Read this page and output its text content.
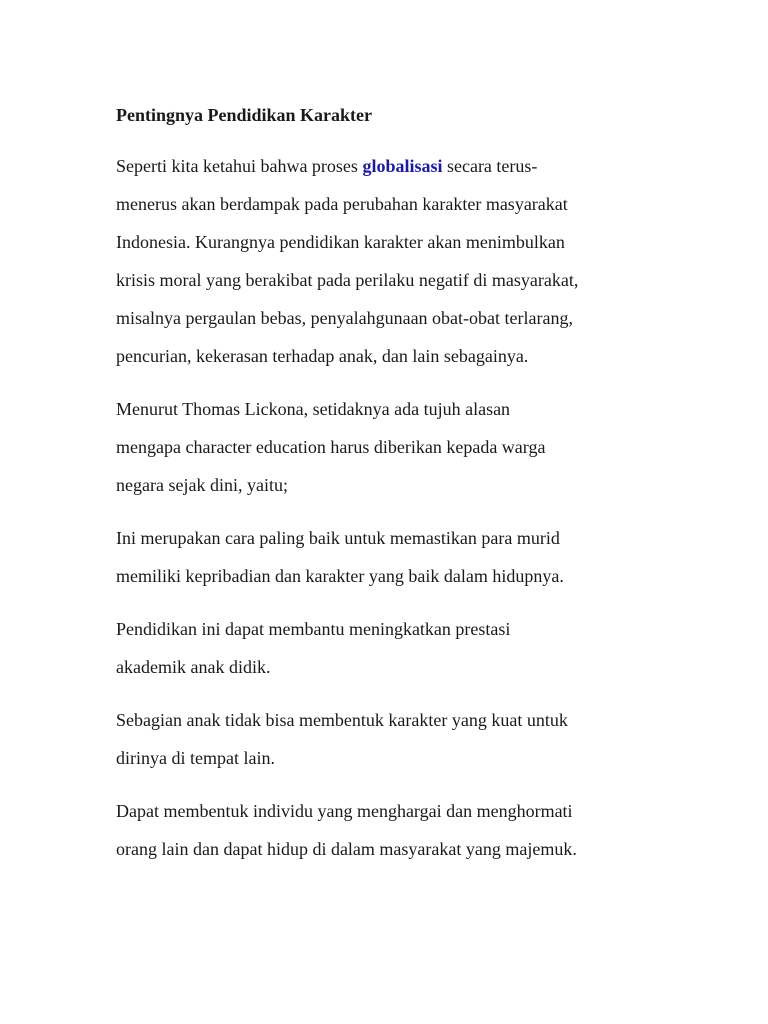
Pentingnya Pendidikan Karakter
Seperti kita ketahui bahwa proses globalisasi secara terus-
menerus akan berdampak pada perubahan karakter masyarakat
Indonesia. Kurangnya pendidikan karakter akan menimbulkan
krisis moral yang berakibat pada perilaku negatif di masyarakat,
misalnya pergaulan bebas, penyalahgunaan obat-obat terlarang,
pencurian, kekerasan terhadap anak, dan lain sebagainya.
Menurut Thomas Lickona, setidaknya ada tujuh alasan
mengapa character education harus diberikan kepada warga
negara sejak dini, yaitu;
Ini merupakan cara paling baik untuk memastikan para murid
memiliki kepribadian dan karakter yang baik dalam hidupnya.
Pendidikan ini dapat membantu meningkatkan prestasi
akademik anak didik.
Sebagian anak tidak bisa membentuk karakter yang kuat untuk
dirinya di tempat lain.
Dapat membentuk individu yang menghargai dan menghormati
orang lain dan dapat hidup di dalam masyarakat yang majemuk.
